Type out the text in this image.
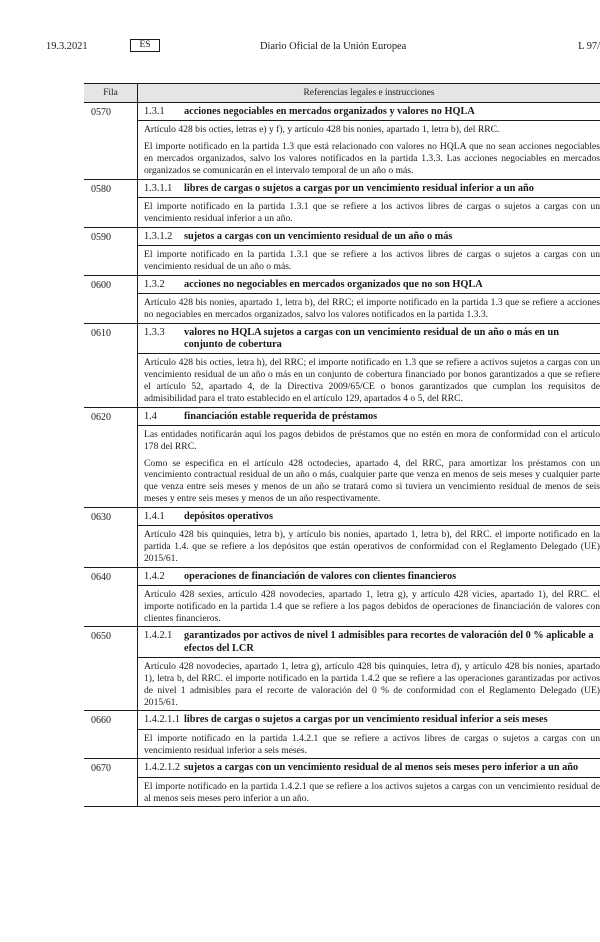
19.3.2021	ES	Diario Oficial de la Unión Europea	L 97/
Fila	Referencias legales e instrucciones
0570	1.3.1	acciones negociables en mercados organizados y valores no HQLA

Artículo 428 bis octies, letras e) y f), y artículo 428 bis nonies, apartado 1, letra b), del RRC.

El importe notificado en la partida 1.3 que está relacionado con valores no HQLA que no sean acciones negociables en mercados organizados, salvo los valores notificados en la partida 1.3.3. Las acciones negociables en mercados organizados se comunicarán en el intervalo temporal de un año o más.

0580	1.3.1.1	libres de cargas o sujetos a cargas por un vencimiento residual inferior a un año

El importe notificado en la partida 1.3.1 que se refiere a los activos libres de cargas o sujetos a cargas con un vencimiento residual inferior a un año.

0590	1.3.1.2	sujetos a cargas con un vencimiento residual de un año o más

El importe notificado en la partida 1.3.1 que se refiere a los activos libres de cargas o sujetos a cargas con un vencimiento residual de un año o más.

0600	1.3.2	acciones no negociables en mercados organizados que no son HQLA

Artículo 428 bis nonies, apartado 1, letra b), del RRC; el importe notificado en la partida 1.3 que se refiere a acciones no negociables en mercados organizados, salvo los valores notificados en la partida 1.3.3.

0610	1.3.3	valores no HQLA sujetos a cargas con un vencimiento residual de un año o más en un conjunto de cobertura

Artículo 428 bis octies, letra h), del RRC; el importe notificado en 1.3 que se refiere a activos sujetos a cargas con un vencimiento residual de un año o más en un conjunto de cobertura financiado por bonos garantizados a que se refiere el artículo 52, apartado 4, de la Directiva 2009/65/CE o bonos garantizados que cumplan los requisitos de admisibilidad para el trato establecido en el artículo 129, apartados 4 o 5, del RRC.

0620	1.4	financiación estable requerida de préstamos

Las entidades notificarán aquí los pagos debidos de préstamos que no estén en mora de conformidad con el artículo 178 del RRC.

Como se especifica en el artículo 428 octodecies, apartado 4, del RRC, para amortizar los préstamos con un vencimiento contractual residual de un año o más, cualquier parte que venza en menos de seis meses y cualquier parte que venza entre seis meses y menos de un año se tratará como si tuviera un vencimiento residual de menos de seis meses y entre seis meses y menos de un año respectivamente.

0630	1.4.1	depósitos operativos

Artículo 428 bis quinquies, letra b), y artículo bis nonies, apartado 1, letra b), del RRC. el importe notificado en la partida 1.4. que se refiere a los depósitos que están operativos de conformidad con el Reglamento Delegado (UE) 2015/61.

0640	1.4.2	operaciones de financiación de valores con clientes financieros

Artículo 428 sexies, artículo 428 novodecies, apartado 1, letra g), y artículo 428 vicies, apartado 1), del RRC. el importe notificado en la partida 1.4 que se refiere a los pagos debidos de operaciones de financiación de valores con clientes financieros.

0650	1.4.2.1	garantizados por activos de nivel 1 admisibles para recortes de valoración del 0 % aplicable a efectos del LCR

Artículo 428 novodecies, apartado 1, letra g), artículo 428 bis quinquies, letra d), y artículo 428 bis nonies, apartado 1), letra b, del RRC. el importe notificado en la partida 1.4.2 que se refiere a las operaciones garantizadas por activos de nivel 1 admisibles para el recorte de valoración del 0 % de conformidad con el Reglamento Delegado (UE) 2015/61.

0660	1.4.2.1.1 libres de cargas o sujetos a cargas por un vencimiento residual inferior a seis meses

El importe notificado en la partida 1.4.2.1 que se refiere a activos libres de cargas o sujetos a cargas con un vencimiento residual inferior a seis meses.

0670	1.4.2.1.2 sujetos a cargas con un vencimiento residual de al menos seis meses pero inferior a un año

El importe notificado en la partida 1.4.2.1 que se refiere a los activos sujetos a cargas con un vencimiento residual de al menos seis meses pero inferior a un año.
